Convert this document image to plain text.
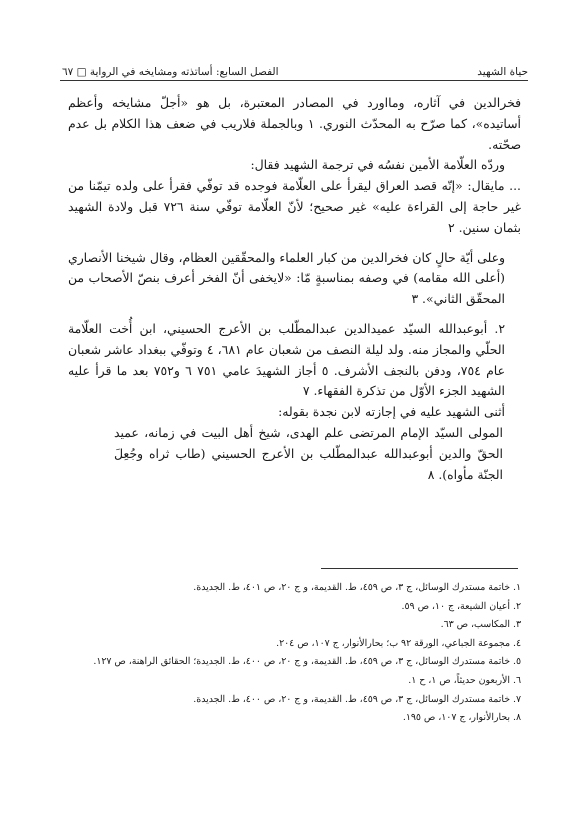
حياة الشهيد
الفصل السابع: أساتذته ومشايخه في الرواية □ ٦٧

فخرالدين في آثاره، ومااورد في المصادر المعتبرة، بل هو «أجلّ مشايخه وأعظم أساتيده»، كما صرّح به المحدّث النوري. ١ وبالجملة فلاريب في ضعف هذا الكلام بل عدم صحّته.

وردّه العلّامة الأمين نفسُه في ترجمة الشهيد فقال:

... مايقال: «إنّه قصد العراق ليقرأ على العلّامة فوجده قد توفّي فقرأ على ولده تيمّنا من غير حاجة إلى القراءة عليه» غير صحيح؛ لأنّ العلّامة توفّي سنة ٧٢٦ قبل ولادة الشهيد بثمان سنين. ٢

وعلى أيّة حالٍ كان فخرالدين من كبار العلماء والمحقّقين العظام، وقال شيخنا الأنصاري (أعلى الله مقامه) في وصفه بمناسبةٍ مّا: «لايخفى أنّ الفخر أعرف بنصّ الأصحاب من المحقّق الثاني». ٣

٢. أبوعبدالله السيّد عميدالدين عبدالمطّلب بن الأعرج الحسيني، ابن أُخت العلّامة الحلّي والمجاز منه. ولد ليلة النصف من شعبان عام ٦٨١، ٤ وتوفّي ببغداد عاشر شعبان عام ٧٥٤، ودفن بالنجف الأشرف. ٥ أجاز الشهيدَ عامي ٧٥١ ٦ و٧٥٢ بعد ما قرأ عليه الشهيد الجزء الأوّل من تذكرة الفقهاء. ٧

أثنى الشهيد عليه في إجازته لابن نجدة بقوله:

المولى السيّد الإمام المرتضى علم الهدى، شيخ أهل البيت في زمانه، عميد الحقّ والدين أبوعبدالله عبدالمطّلب بن الأعرج الحسيني (طاب ثراه وجُعِلَ الجنّة مأواه). ٨

١. خاتمة مستدرك الوسائل، ج ٣، ص ٤٥٩، ط. القديمة، و ج ٢٠، ص ٤٠١، ط. الجديدة.

٢. أعيان الشيعة، ج ١٠، ص ٥٩.

٣. المكاسب، ص ٦٣.

٤. مجموعة الجباعي، الورقة ٩٢ ب؛ بحارالأنوار، ج ١٠٧، ص ٢٠٤.

٥. خاتمة مستدرك الوسائل، ج ٣، ص ٤٥٩، ط. القديمة، و ج ٢٠، ص ٤٠٠، ط. الجديدة؛ الحقائق الراهنة، ص ١٢٧.

٦. الأربعون حديثاً، ص ١، ح ١.

٧. خاتمة مستدرك الوسائل، ج ٣، ص ٤٥٩، ط. القديمة، و ج ٢٠، ص ٤٠٠، ط. الجديدة.

٨. بحارالأنوار، ج ١٠٧، ص ١٩٥.
